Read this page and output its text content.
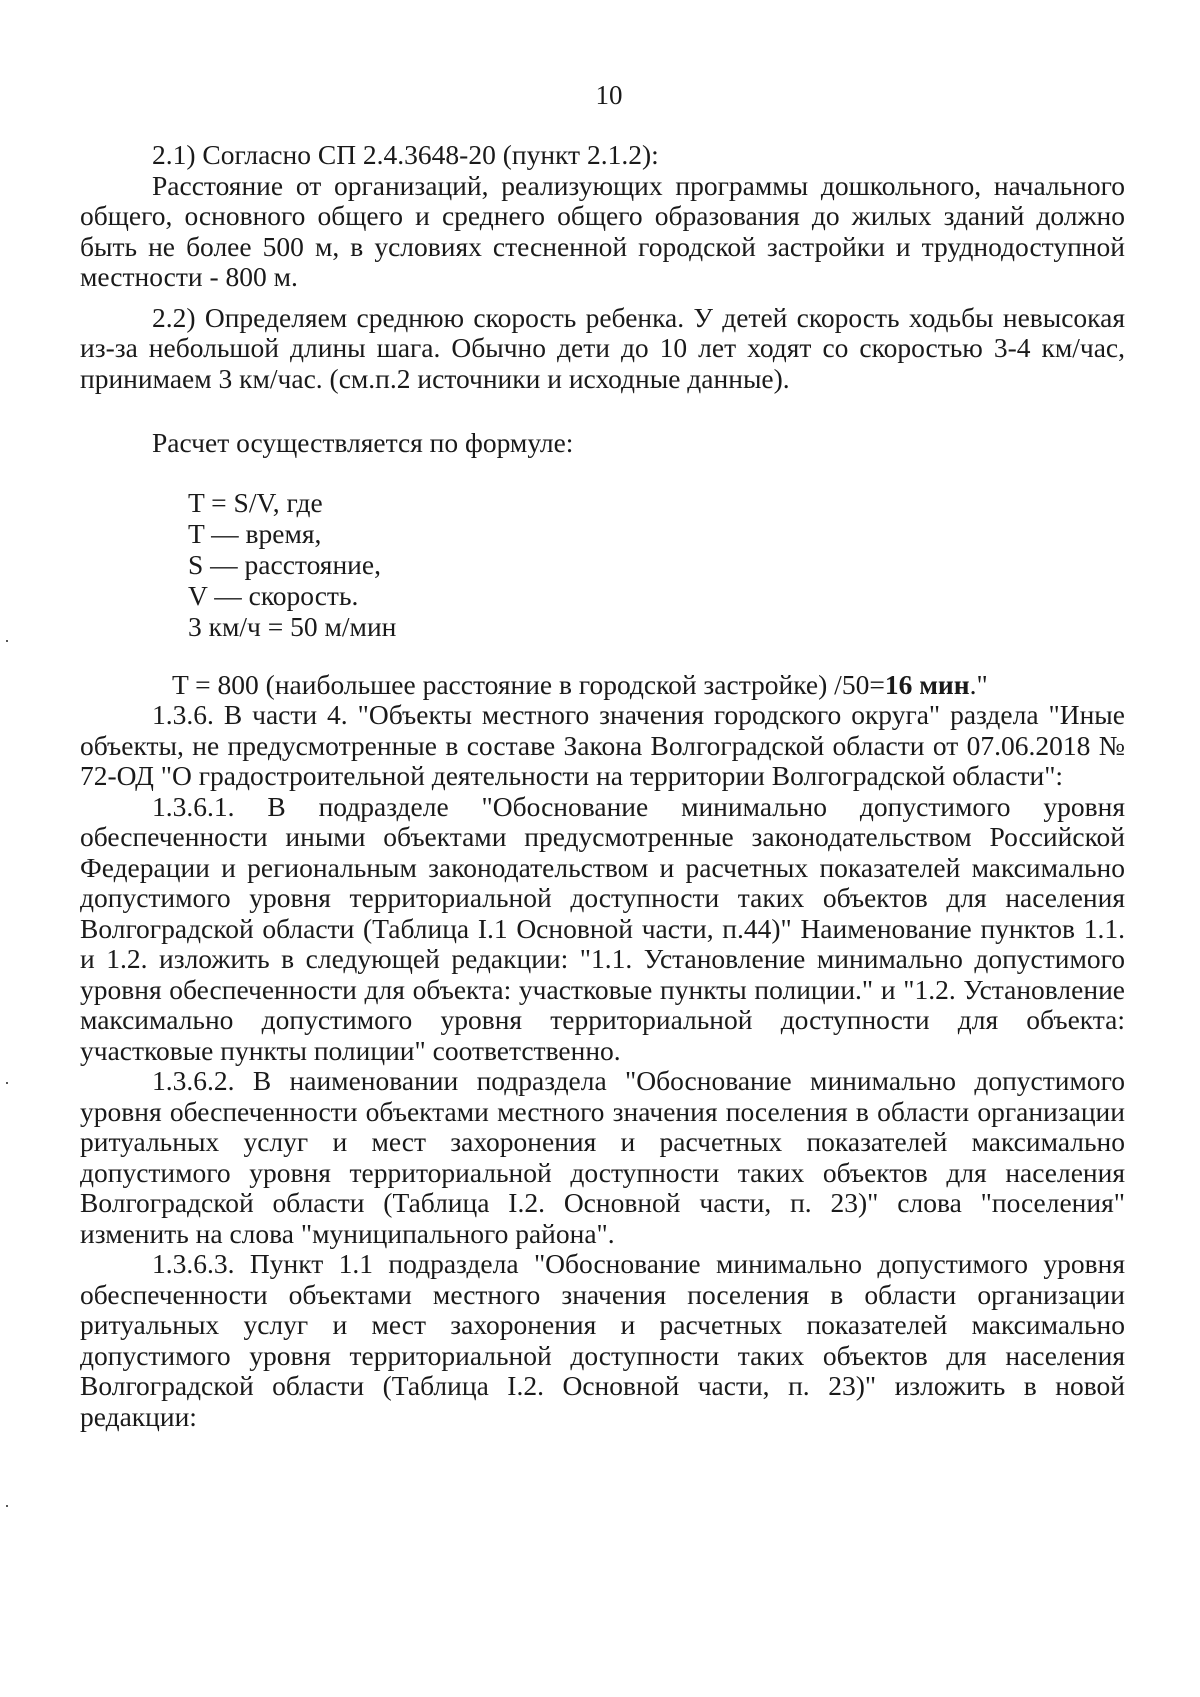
10

2.1) Согласно СП 2.4.3648-20 (пункт 2.1.2):

Расстояние от организаций, реализующих программы дошкольного, начального общего, основного общего и среднего общего образования до жилых зданий должно быть не более 500 м, в условиях стесненной городской застройки и труднодоступной местности - 800 м.

2.2) Определяем среднюю скорость ребенка. У детей скорость ходьбы невысокая из-за небольшой длины шага. Обычно дети до 10 лет ходят со скоростью 3-4 км/час, принимаем 3 км/час. (см.п.2 источники и исходные данные).

Расчет осуществляется по формуле:

T = S/V, где
T — время,
S — расстояние,
V — скорость.
3 км/ч = 50 м/мин

T = 800 (наибольшее расстояние в городской застройке) /50=16 мин."

1.3.6. В части 4. "Объекты местного значения городского округа" раздела "Иные объекты, не предусмотренные в составе Закона Волгоградской области от 07.06.2018 № 72-ОД "О градостроительной деятельности на территории Волгоградской области":

1.3.6.1. В подразделе "Обоснование минимально допустимого уровня обеспеченности иными объектами предусмотренные законодательством Российской Федерации и региональным законодательством и расчетных показателей максимально допустимого уровня территориальной доступности таких объектов для населения Волгоградской области (Таблица I.1 Основной части, п.44)" Наименование пунктов 1.1. и 1.2. изложить в следующей редакции: "1.1. Установление минимально допустимого уровня обеспеченности для объекта: участковые пункты полиции." и "1.2. Установление максимально допустимого уровня территориальной доступности для объекта: участковые пункты полиции" соответственно.

1.3.6.2. В наименовании подраздела "Обоснование минимально допустимого уровня обеспеченности объектами местного значения поселения в области организации ритуальных услуг и мест захоронения и расчетных показателей максимально допустимого уровня территориальной доступности таких объектов для населения Волгоградской области (Таблица I.2. Основной части, п. 23)" слова "поселения" изменить на слова "муниципального района".

1.3.6.3. Пункт 1.1 подраздела "Обоснование минимально допустимого уровня обеспеченности объектами местного значения поселения в области организации ритуальных услуг и мест захоронения и расчетных показателей максимально допустимого уровня территориальной доступности таких объектов для населения Волгоградской области (Таблица I.2. Основной части, п. 23)" изложить в новой редакции:
